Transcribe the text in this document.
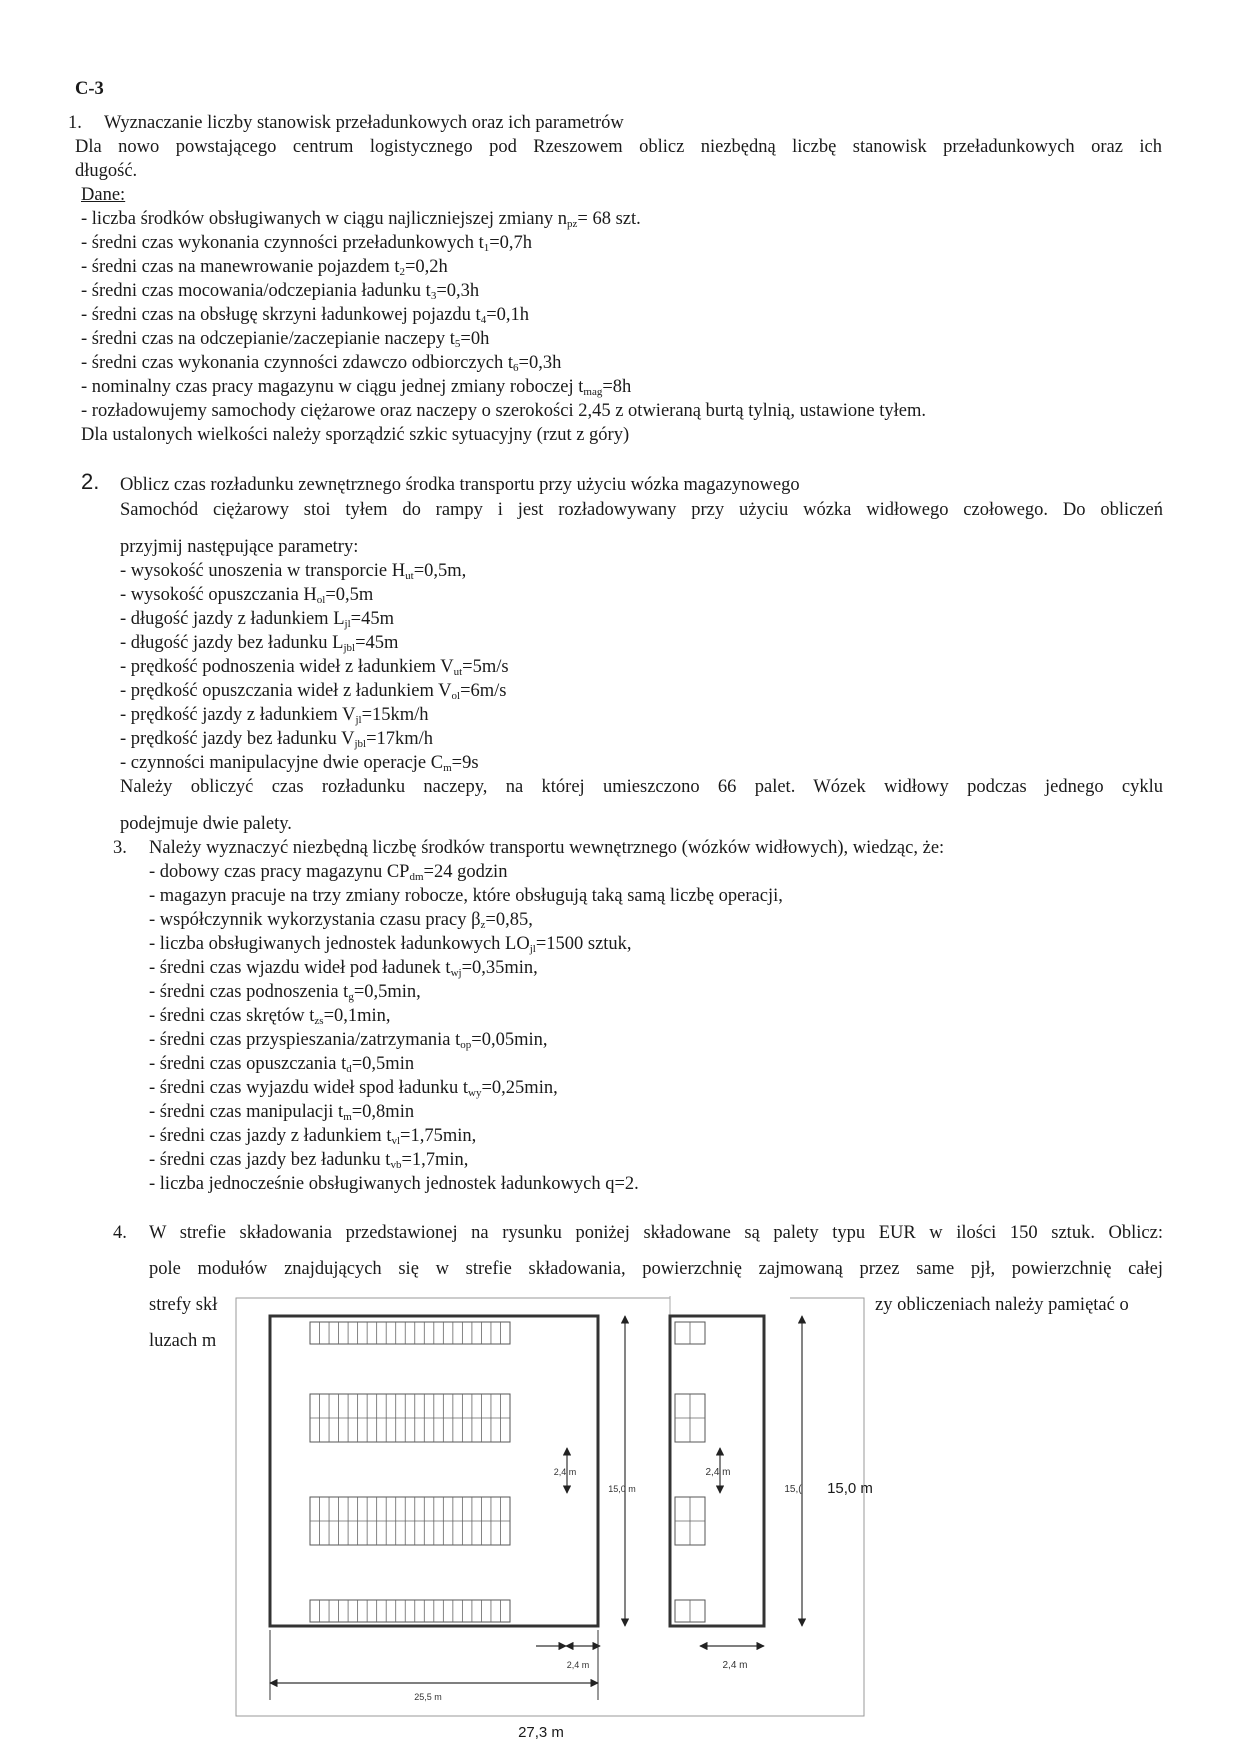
C-3
1. Wyznaczanie liczby stanowisk przeładunkowych oraz ich parametrów
Dla nowo powstającego centrum logistycznego pod Rzeszowem oblicz niezbędną liczbę stanowisk przeładunkowych oraz ich
długość.
Dane:
- liczba środków obsługiwanych w ciągu najliczniejszej zmiany $n_{pz}= 68$ szt.
- średni czas wykonania czynności przeładunkowych $t_1=0,7h$
- średni czas na manewrowanie pojazdem $t_2=0,2h$
- średni czas mocowania/odczepiania ładunku $t_3=0,3h$
- średni czas na obsługę skrzyni ładunkowej pojazdu $t_4=0,1h$
- średni czas na odczepianie/zaczepianie naczepy $t_5=0h$
- średni czas wykonania czynności zdawczo odbiorczych $t_6=0,3h$
- nominalny czas pracy magazynu w ciągu jednej zmiany roboczej $t_{mag}=8h$
- rozładowujemy samochody ciężarowe oraz naczepy o szerokości 2,45 z otwieraną burtą tylnią, ustawione tyłem.
Dla ustalonych wielkości należy sporządzić szkic sytuacyjny (rzut z góry)
2. Oblicz czas rozładunku zewnętrznego środka transportu przy użyciu wózka magazynowego
Samochód ciężarowy stoi tyłem do rampy i jest rozładowywany przy użyciu wózka widłowego czołowego. Do obliczeń
przyjmij następujące parametry:
- wysokość unoszenia w transporcie $H_{ut}=0,5m$,
- wysokość opuszczania $H_{ol}=0,5m$
- długość jazdy z ładunkiem $L_{jl}=45m$
- długość jazdy bez ładunku $L_{jbl}=45m$
- prędkość podnoszenia wideł z ładunkiem $V_{ut}=5m/s$
- prędkość opuszczania wideł z ładunkiem $V_{ol}=6m/s$
- prędkość jazdy z ładunkiem $V_{jl}=15km/h$
- prędkość jazdy bez ładunku $V_{jbl}=17km/h$
- czynności manipulacyjne dwie operacje $C_m=9s$
Należy obliczyć czas rozładunku naczepy, na której umieszczono 66 palet. Wózek widłowy podczas jednego cyklu
podejmuje dwie palety.
3. Należy wyznaczyć niezbędną liczbę środków transportu wewnętrznego (wózków widłowych), wiedząc, że:
- dobowy czas pracy magazynu $CP_{dm}=24$ godzin
- magazyn pracuje na trzy zmiany robocze, które obsługują taką samą liczbę operacji,
- współczynnik wykorzystania czasu pracy $\beta_z=0,85$,
- liczba obsługiwanych jednostek ładunkowych $LO_{jl}=1500$ sztuk,
- średni czas wjazdu wideł pod ładunek $t_{wj}=0,35\min$,
- średni czas podnoszenia $t_g=0,5\min$,
- średni czas skrętów $t_{zs}=0,1\min$,
- średni czas przyspieszania/zatrzymania $t_{op}=0,05\min$,
- średni czas opuszczania $t_d=0,5\min$
- średni czas wyjazdu wideł spod ładunku $t_{wy}=0,25\min$,
- średni czas manipulacji $t_m=0,8\min$
- średni czas jazdy z ładunkiem $t_{vl}=1,75\min$,
- średni czas jazdy bez ładunku $t_{vb}=1,7\min$,
- liczba jednocześnie obsługiwanych jednostek ładunkowych q=2.
4. W strefie składowania przedstawionej na rysunku poniżej składowane są palety typu EUR w ilości 150 sztuk. Oblicz:
pole modułów znajdujących się w strefie składowania, powierzchnię zajmowaną przez same pjł, powierzchnię całej
strefy skł	zy obliczeniach należy pamiętać o
luzach m
2,4 m
15,0 m
2,4 m
15,( 15,0 m
2,4 m	2,4 m
25,5 m
27,3 m
